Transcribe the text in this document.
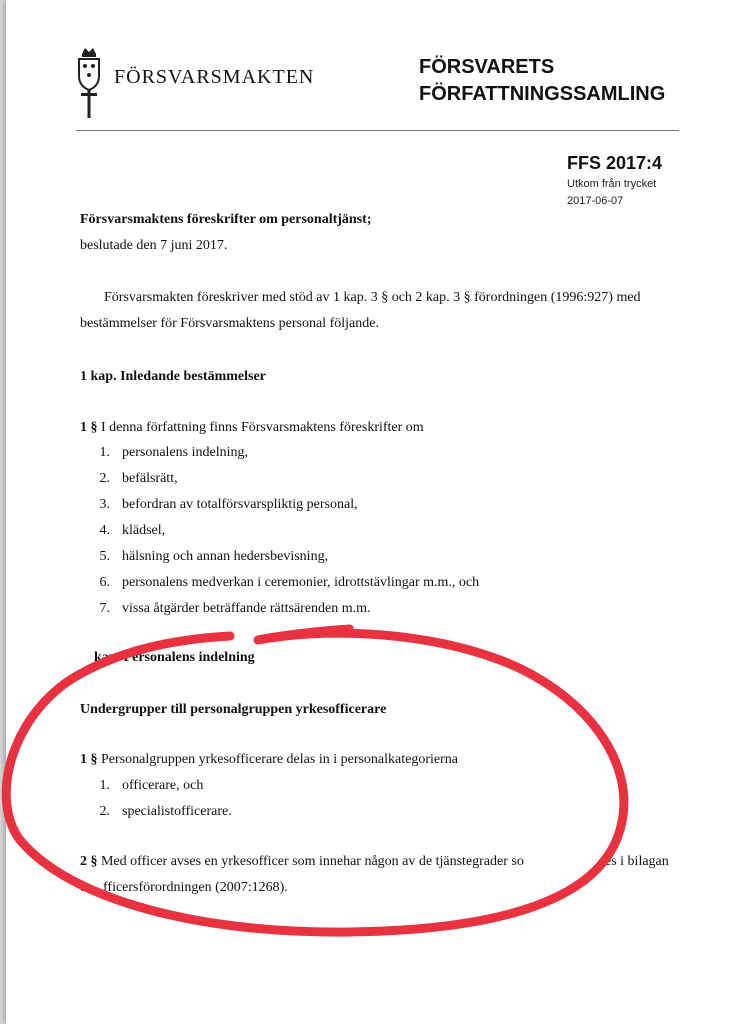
FÖRSVARSMAKTEN	FÖRSVARETS
FÖRFATTNINGSSAMLING
FFS 2017:4
Utkom från trycket
2017-06-07
Försvarsmaktens föreskrifter om personaltjänst;
beslutade den 7 juni 2017.
Försvarsmakten föreskriver med stöd av 1 kap. 3 § och 2 kap. 3 § förordningen (1996:927) med
bestämmelser för Försvarsmaktens personal följande.
1 kap. Inledande bestämmelser
1 § I denna författning finns Försvarsmaktens föreskrifter om
1. personalens indelning,
2. befälsrätt,
3. befordran av totalförsvarspliktig personal,
4. klädsel,
5. hälsning och annan hedersbevisning,
6. personalens medverkan i ceremonier, idrottstävlingar m.m., och
7. vissa åtgärder beträffande rättsärenden m.m.
kap. Personalens indelning
Undergrupper till personalgruppen yrkesofficerare
1 § Personalgruppen yrkesofficerare delas in i personalkategorierna
1. officerare, och
2. specialistofficerare.
2 § Med officer avses en yrkesofficer som innehar någon av de tjänstegrader so	ges i bilagan
ti fficersförordningen (2007:1268).
